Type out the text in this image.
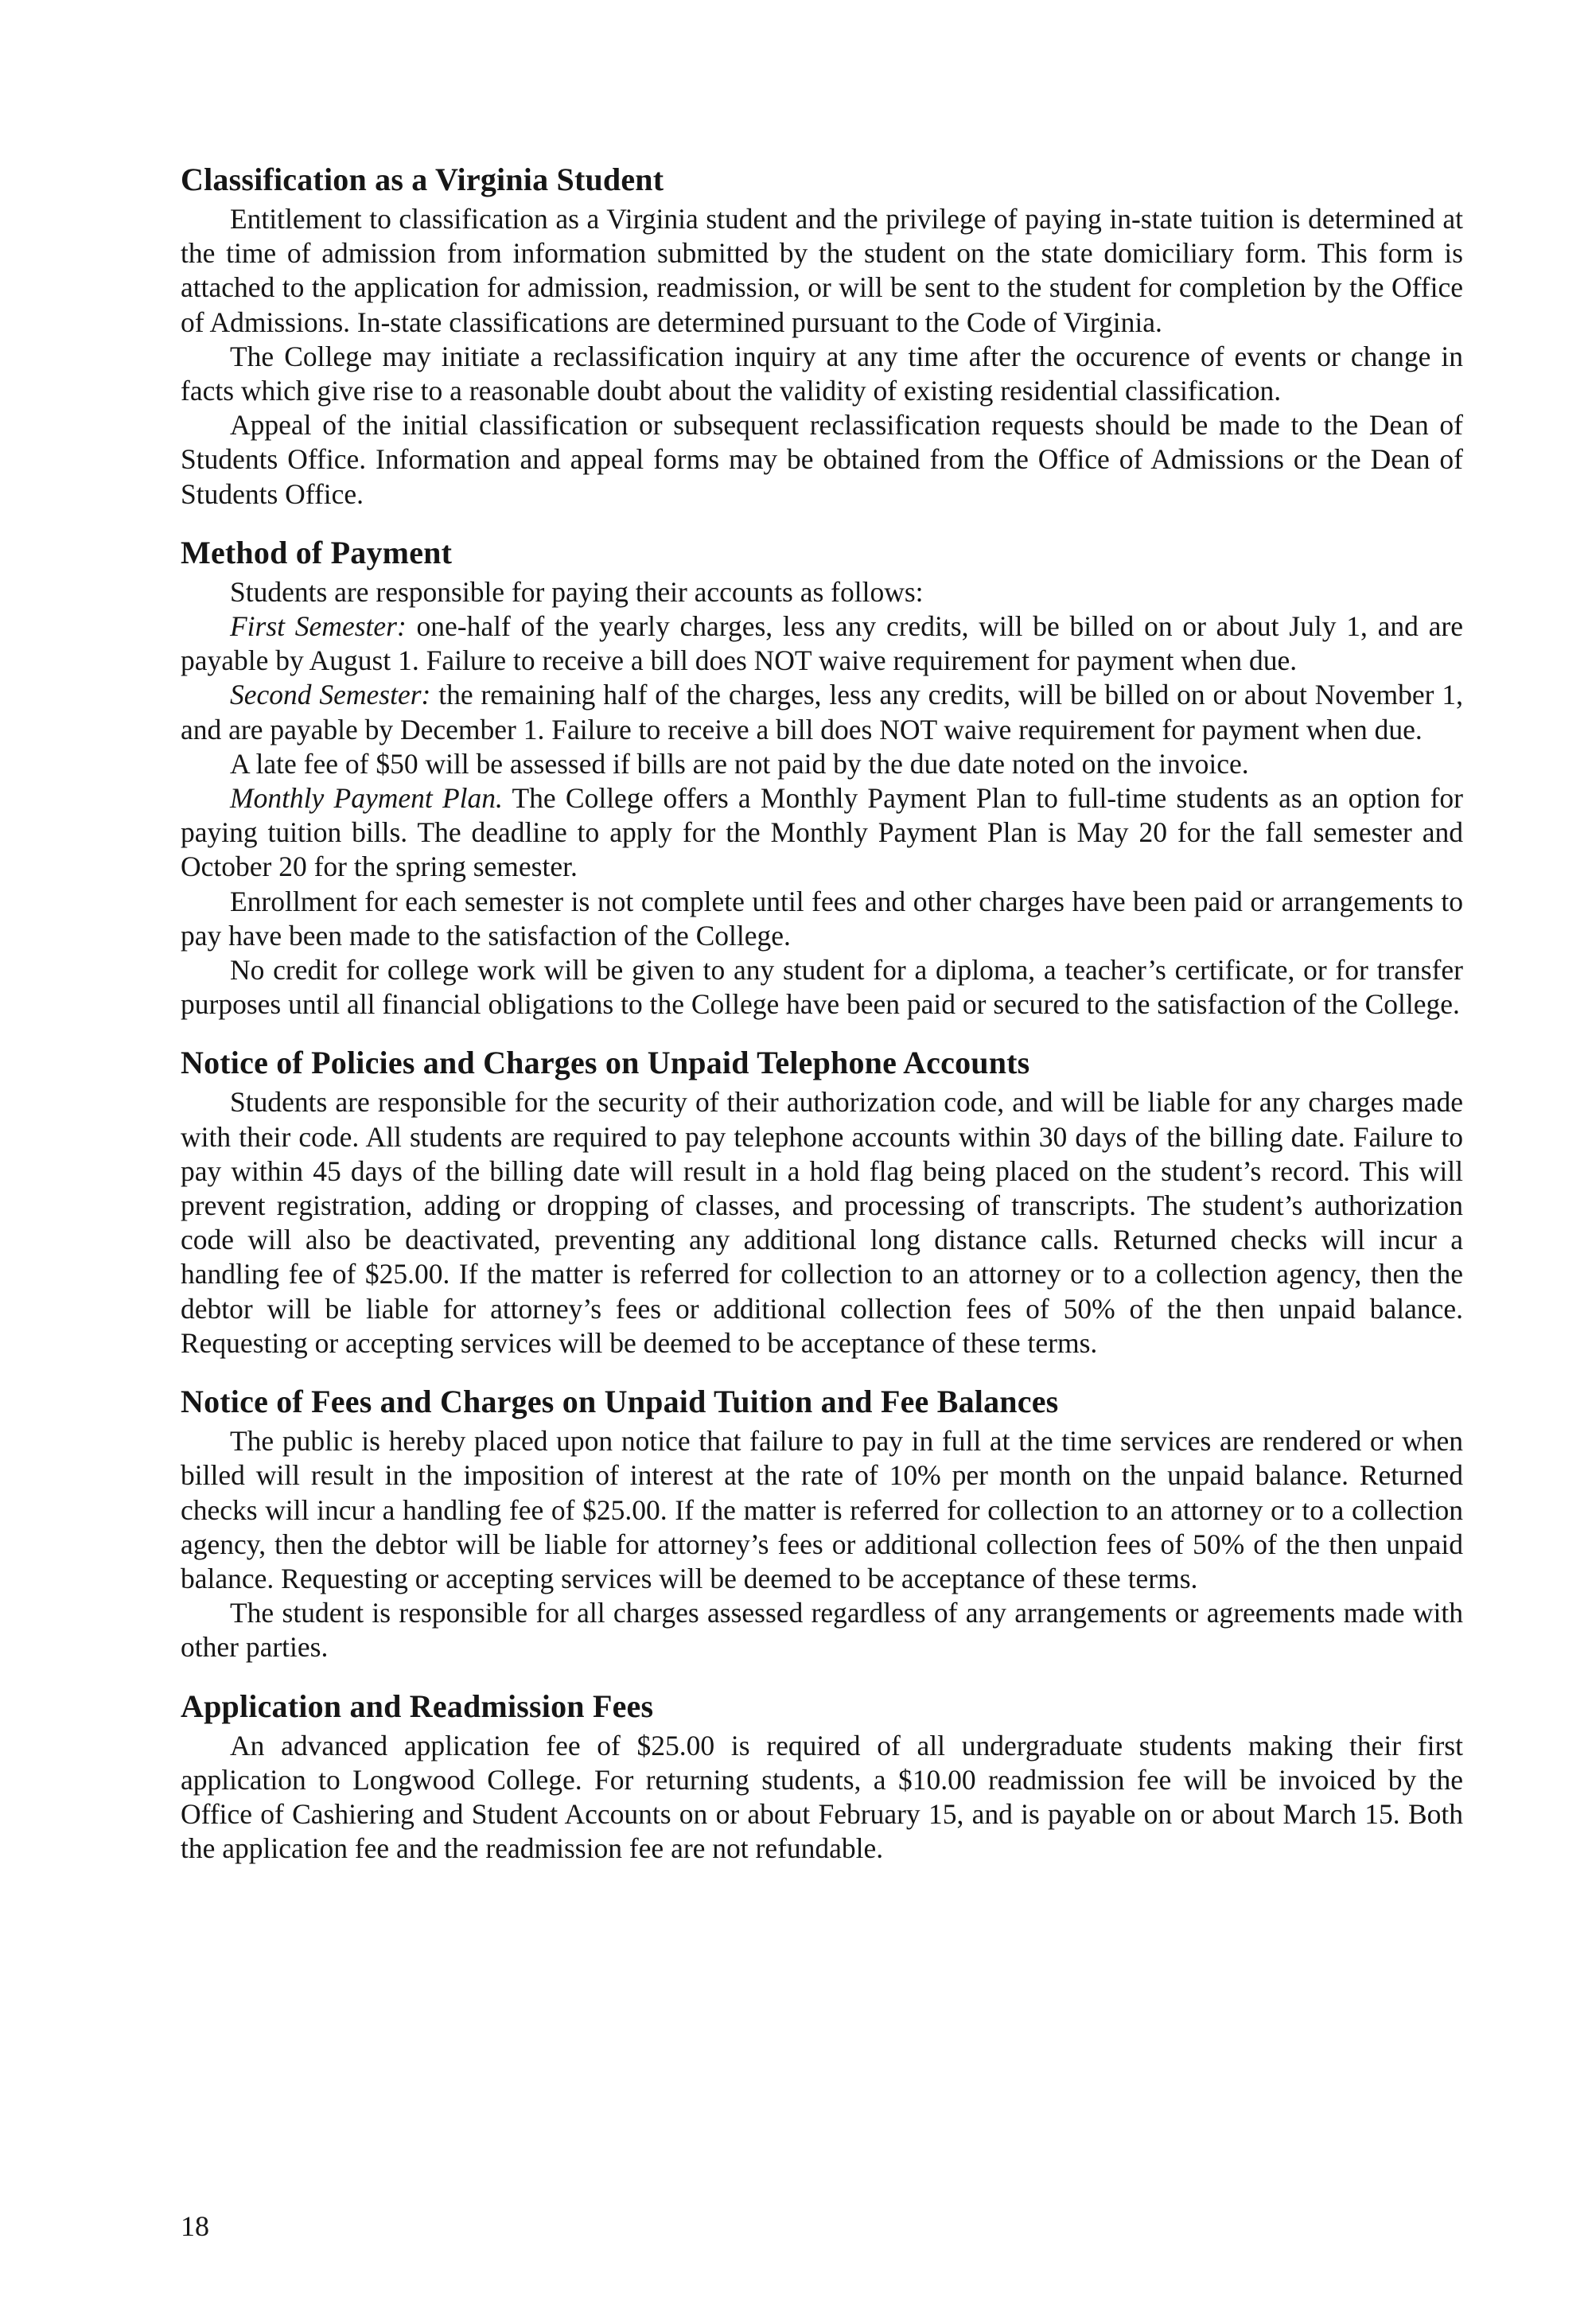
Classification as a Virginia Student

Entitlement to classification as a Virginia student and the privilege of paying in-state tuition is determined at the time of admission from information submitted by the student on the state domiciliary form. This form is attached to the application for admission, readmission, or will be sent to the student for completion by the Office of Admissions. In-state classifications are determined pursuant to the Code of Virginia.

The College may initiate a reclassification inquiry at any time after the occurence of events or change in facts which give rise to a reasonable doubt about the validity of existing residential classification.

Appeal of the initial classification or subsequent reclassification requests should be made to the Dean of Students Office. Information and appeal forms may be obtained from the Office of Admissions or the Dean of Students Office.

Method of Payment

Students are responsible for paying their accounts as follows:

First Semester: one-half of the yearly charges, less any credits, will be billed on or about July 1, and are payable by August 1. Failure to receive a bill does NOT waive requirement for payment when due.

Second Semester: the remaining half of the charges, less any credits, will be billed on or about November 1, and are payable by December 1. Failure to receive a bill does NOT waive requirement for payment when due.

A late fee of $50 will be assessed if bills are not paid by the due date noted on the invoice.

Monthly Payment Plan. The College offers a Monthly Payment Plan to full-time students as an option for paying tuition bills. The deadline to apply for the Monthly Payment Plan is May 20 for the fall semester and October 20 for the spring semester.

Enrollment for each semester is not complete until fees and other charges have been paid or arrangements to pay have been made to the satisfaction of the College.

No credit for college work will be given to any student for a diploma, a teacher’s certificate, or for transfer purposes until all financial obligations to the College have been paid or secured to the satisfaction of the College.

Notice of Policies and Charges on Unpaid Telephone Accounts

Students are responsible for the security of their authorization code, and will be liable for any charges made with their code. All students are required to pay telephone accounts within 30 days of the billing date. Failure to pay within 45 days of the billing date will result in a hold flag being placed on the student’s record. This will prevent registration, adding or dropping of classes, and processing of transcripts. The student’s authorization code will also be deactivated, preventing any additional long distance calls. Returned checks will incur a handling fee of $25.00. If the matter is referred for collection to an attorney or to a collection agency, then the debtor will be liable for attorney’s fees or additional collection fees of 50% of the then unpaid balance. Requesting or accepting services will be deemed to be acceptance of these terms.

Notice of Fees and Charges on Unpaid Tuition and Fee Balances

The public is hereby placed upon notice that failure to pay in full at the time services are rendered or when billed will result in the imposition of interest at the rate of 10% per month on the unpaid balance. Returned checks will incur a handling fee of $25.00. If the matter is referred for collection to an attorney or to a collection agency, then the debtor will be liable for attorney’s fees or additional collection fees of 50% of the then unpaid balance. Requesting or accepting services will be deemed to be acceptance of these terms.

The student is responsible for all charges assessed regardless of any arrangements or agreements made with other parties.

Application and Readmission Fees

An advanced application fee of $25.00 is required of all undergraduate students making their first application to Longwood College. For returning students, a $10.00 readmission fee will be invoiced by the Office of Cashiering and Student Accounts on or about February 15, and is payable on or about March 15. Both the application fee and the readmission fee are not refundable.

18
